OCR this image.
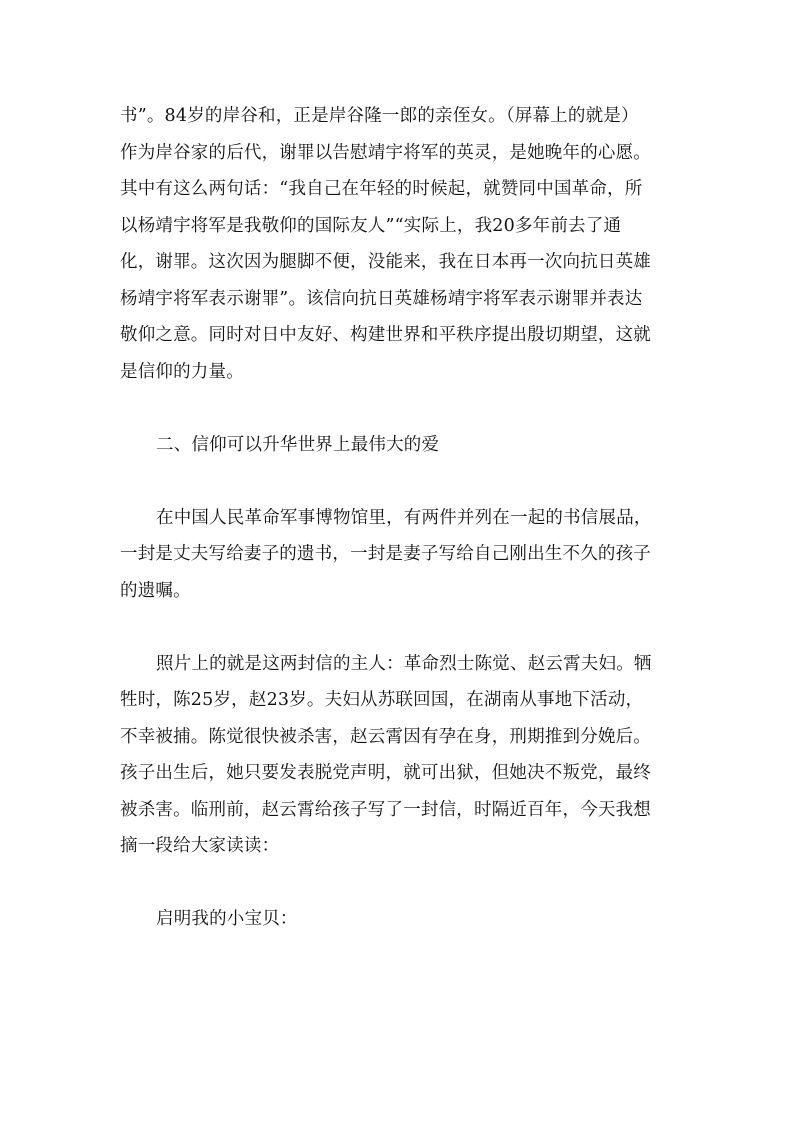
书”。84岁的岸谷和，正是岸谷隆一郎的亲侄女。（屏幕上的就是）
作为岸谷家的后代，谢罪以告慰靖宇将军的英灵，是她晚年的心愿。
其中有这么两句话：“我自己在年轻的时候起，就赞同中国革命，所
以杨靖宇将军是我敬仰的国际友人”“实际上，我20多年前去了通
化，谢罪。这次因为腿脚不便，没能来，我在日本再一次向抗日英雄
杨靖宇将军表示谢罪”。该信向抗日英雄杨靖宇将军表示谢罪并表达
敬仰之意。同时对日中友好、构建世界和平秩序提出殷切期望，这就
是信仰的力量。

二、信仰可以升华世界上最伟大的爱

在中国人民革命军事博物馆里，有两件并列在一起的书信展品，
一封是丈夫写给妻子的遗书，一封是妻子写给自己刚出生不久的孩子
的遗嘱。

照片上的就是这两封信的主人：革命烈士陈觉、赵云霄夫妇。牺
牲时，陈25岁，赵23岁。夫妇从苏联回国，在湖南从事地下活动，
不幸被捕。陈觉很快被杀害，赵云霄因有孕在身，刑期推到分娩后。
孩子出生后，她只要发表脱党声明，就可出狱，但她决不叛党，最终
被杀害。临刑前，赵云霄给孩子写了一封信，时隔近百年，今天我想
摘一段给大家读读：

启明我的小宝贝：
